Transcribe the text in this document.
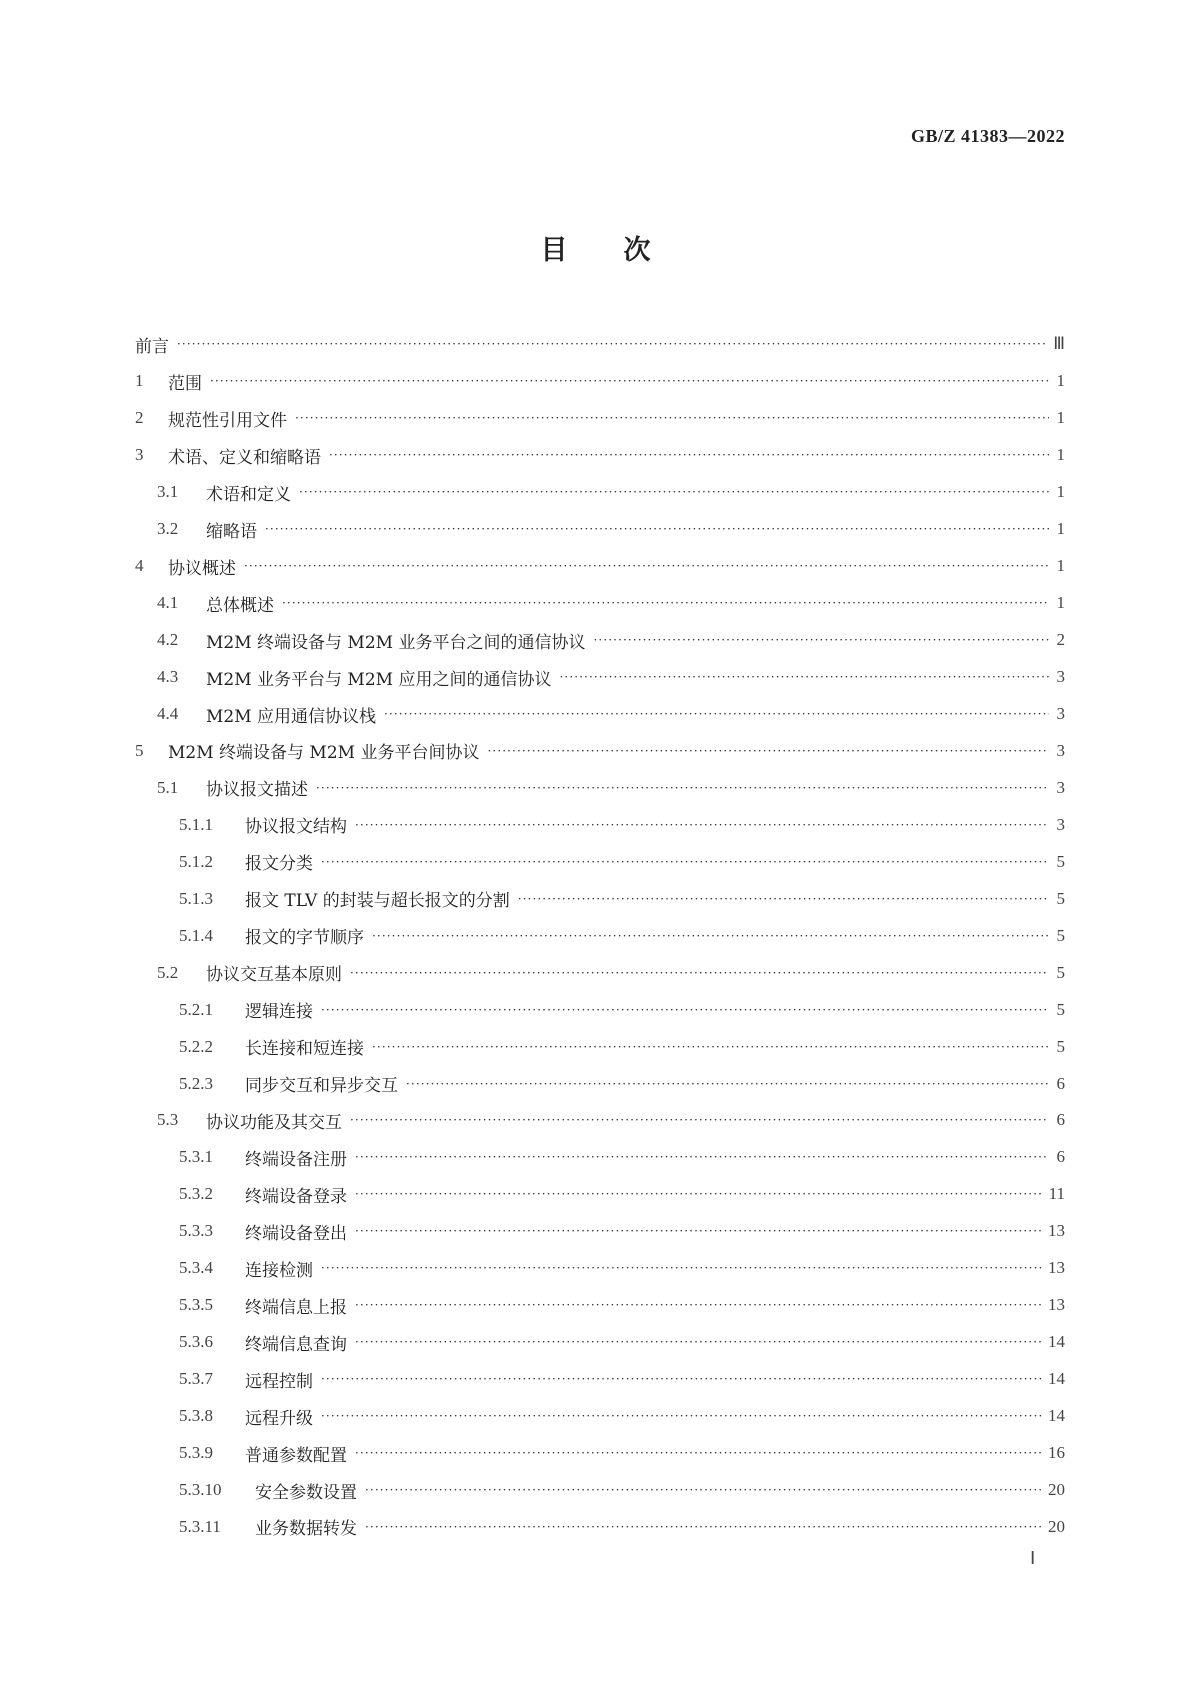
GB/Z 41383—2022
目次
前言 ·····	Ⅲ
1	范围 ·····	1
2	规范性引用文件 ·····	1
3	术语、定义和缩略语 ·····	1
3.1	术语和定义 ·····	1
3.2	缩略语 ·····	1
4	协议概述 ·····	1
4.1	总体概述 ·····	1
4.2	M2M 终端设备与 M2M 业务平台之间的通信协议 ·····	2
4.3	M2M 业务平台与 M2M 应用之间的通信协议 ·····	3
4.4	M2M 应用通信协议栈 ·····	3
5	M2M 终端设备与 M2M 业务平台间协议 ·····	3
5.1	协议报文描述 ·····	3
5.1.1	协议报文结构 ·····	3
5.1.2	报文分类 ·····	5
5.1.3	报文 TLV 的封装与超长报文的分割 ·····	5
5.1.4	报文的字节顺序 ·····	5
5.2	协议交互基本原则 ·····	5
5.2.1	逻辑连接 ·····	5
5.2.2	长连接和短连接 ·····	5
5.2.3	同步交互和异步交互 ·····	6
5.3	协议功能及其交互 ·····	6
5.3.1	终端设备注册 ·····	6
5.3.2	终端设备登录 ·····	11
5.3.3	终端设备登出 ·····	13
5.3.4	连接检测 ·····	13
5.3.5	终端信息上报 ·····	13
5.3.6	终端信息查询 ·····	14
5.3.7	远程控制 ·····	14
5.3.8	远程升级 ·····	14
5.3.9	普通参数配置 ·····	16
5.3.10	安全参数设置 ·····	20
5.3.11	业务数据转发 ·····	20
Ⅰ
